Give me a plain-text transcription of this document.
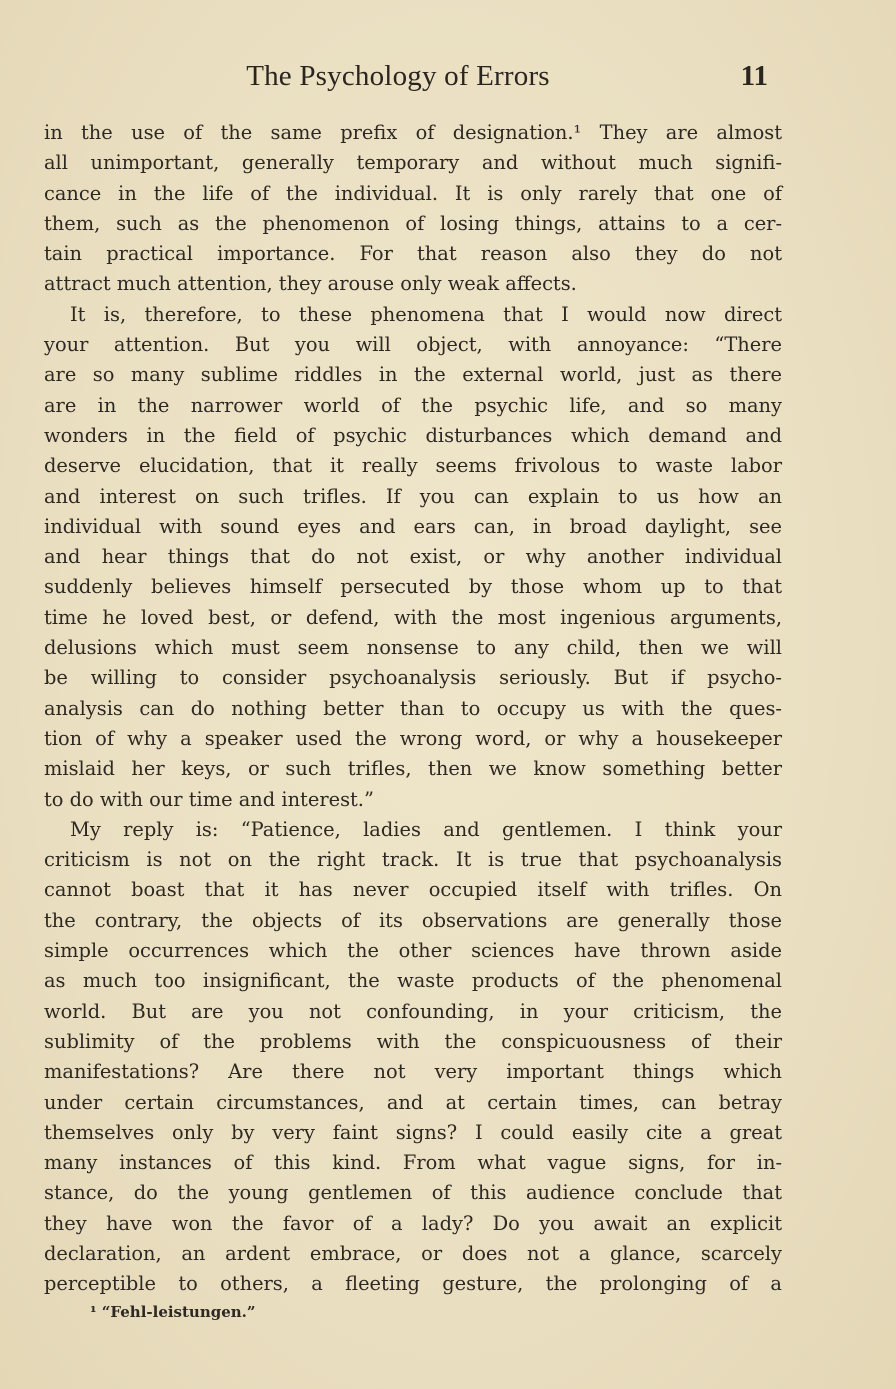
The Psychology of Errors	11
in the use of the same prefix of designation.¹ They are almost
all unimportant, generally temporary and without much signifi-
cance in the life of the individual. It is only rarely that one of
them, such as the phenomenon of losing things, attains to a cer-
tain practical importance. For that reason also they do not
attract much attention, they arouse only weak affects.
It is, therefore, to these phenomena that I would now direct
your attention. But you will object, with annoyance: “There
are so many sublime riddles in the external world, just as there
are in the narrower world of the psychic life, and so many
wonders in the field of psychic disturbances which demand and
deserve elucidation, that it really seems frivolous to waste labor
and interest on such trifles. If you can explain to us how an
individual with sound eyes and ears can, in broad daylight, see
and hear things that do not exist, or why another individual
suddenly believes himself persecuted by those whom up to that
time he loved best, or defend, with the most ingenious arguments,
delusions which must seem nonsense to any child, then we will
be willing to consider psychoanalysis seriously. But if psycho-
analysis can do nothing better than to occupy us with the ques-
tion of why a speaker used the wrong word, or why a housekeeper
mislaid her keys, or such trifles, then we know something better
to do with our time and interest.”
My reply is: “Patience, ladies and gentlemen. I think your
criticism is not on the right track. It is true that psychoanalysis
cannot boast that it has never occupied itself with trifles. On
the contrary, the objects of its observations are generally those
simple occurrences which the other sciences have thrown aside
as much too insignificant, the waste products of the phenomenal
world. But are you not confounding, in your criticism, the
sublimity of the problems with the conspicuousness of their
manifestations? Are there not very important things which
under certain circumstances, and at certain times, can betray
themselves only by very faint signs? I could easily cite a great
many instances of this kind. From what vague signs, for in-
stance, do the young gentlemen of this audience conclude that
they have won the favor of a lady? Do you await an explicit
declaration, an ardent embrace, or does not a glance, scarcely
perceptible to others, a fleeting gesture, the prolonging of a
¹ “Fehl-leistungen.”
